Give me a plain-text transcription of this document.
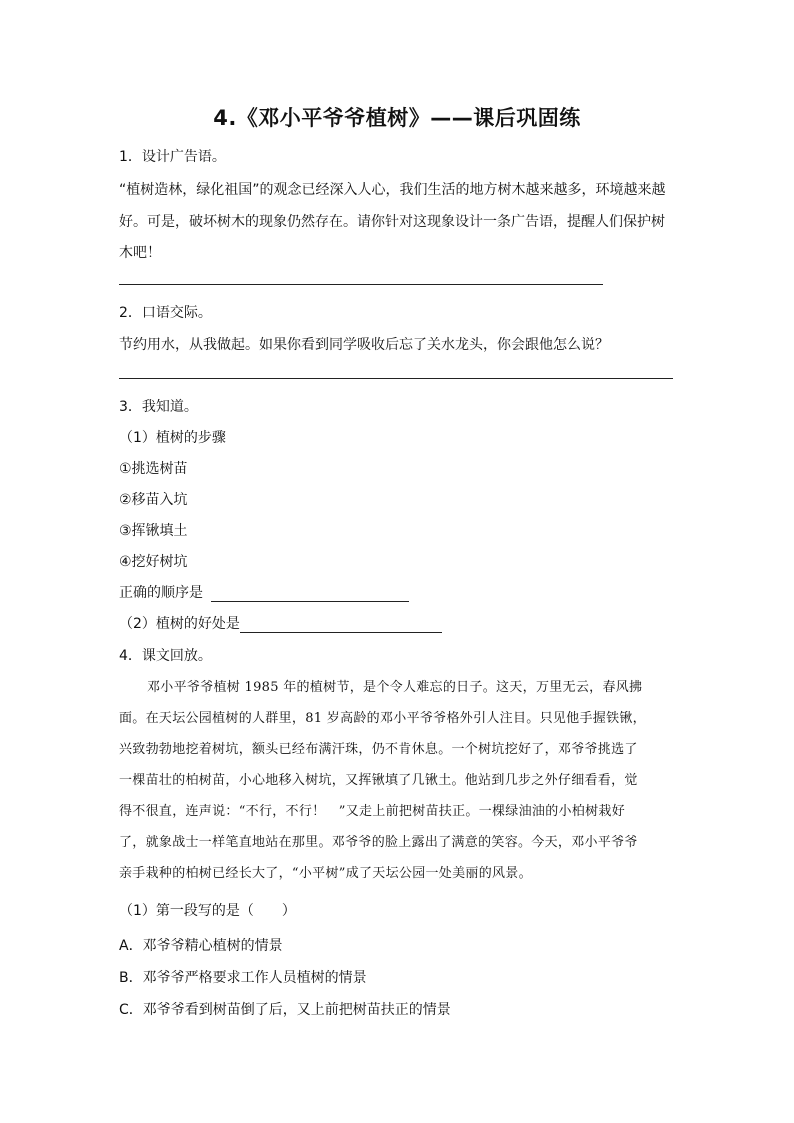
4.《邓小平爷爷植树》——课后巩固练
1．设计广告语。
“植树造林，绿化祖国”的观念已经深入人心，我们生活的地方树木越来越多，环境越来越
好。可是，破坏树木的现象仍然存在。请你针对这现象设计一条广告语，提醒人们保护树
木吧！
2．口语交际。
节约用水，从我做起。如果你看到同学吸收后忘了关水龙头，你会跟他怎么说？
3．我知道。
（1）植树的步骤
①挑选树苗
②移苗入坑
③挥锹填土
④挖好树坑
正确的顺序是
（2）植树的好处是
4．课文回放。
邓小平爷爷植树 1985 年的植树节，是个令人难忘的日子。这天，万里无云，春风拂
面。在天坛公园植树的人群里，81 岁高龄的邓小平爷爷格外引人注目。只见他手握铁锹，
兴致勃勃地挖着树坑，额头已经布满汗珠，仍不肯休息。一个树坑挖好了，邓爷爷挑选了
一棵苗壮的柏树苗，小心地移入树坑，又挥锹填了几锹土。他站到几步之外仔细看看，觉
得不很直，连声说：“不行，不行！　”又走上前把树苗扶正。一棵绿油油的小柏树栽好
了，就象战士一样笔直地站在那里。邓爷爷的脸上露出了满意的笑容。今天，邓小平爷爷
亲手栽种的柏树已经长大了，“小平树”成了天坛公园一处美丽的风景。
（1）第一段写的是（　　）
A．邓爷爷精心植树的情景
B．邓爷爷严格要求工作人员植树的情景
C．邓爷爷看到树苗倒了后，又上前把树苗扶正的情景
